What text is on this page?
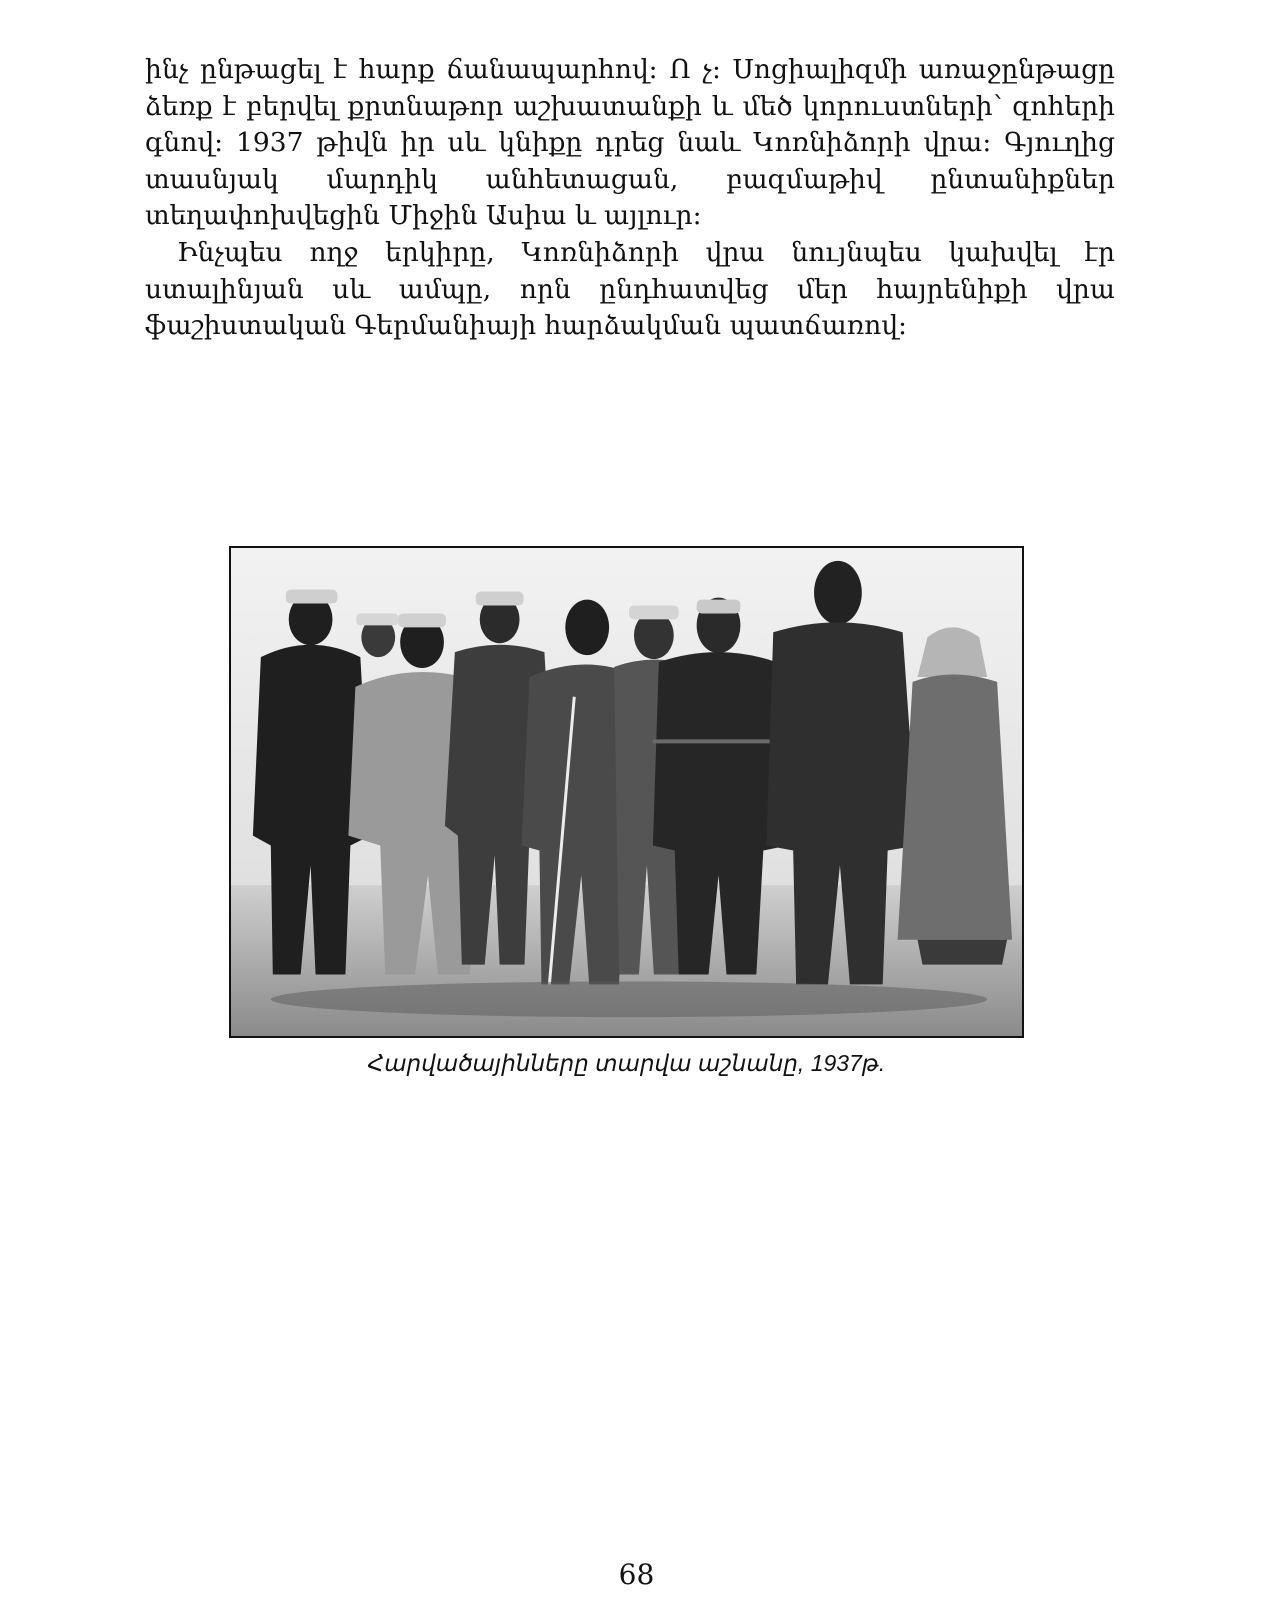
ինչ ընթացել է հարք ճանապարհով: Ո չ: Սոցիալիզմի առաջընթացը ձեռք է բերվել քրտնաթոր աշխատանքի և մեծ կորուստների՝ զոհերի գնով: 1937 թիվն իր սև կնիքը դրեց նաև Կոռնիձորի վրա: Գյուղից տասնյակ մարդիկ անհետացան, բազմաթիվ ընտանիքներ տեղափոխվեցին Միջին Ասիա և այլուր:

Ինչպես ողջ երկիրը, Կոռնիձորի վրա նույնպես կախվել էր ստալինյան սև ամպը, որն ընդհատվեց մեր հայրենիքի վրա ֆաշիստական Գերմանիայի հարձակման պատճառով:

Հարվածայինները տարվա աշնանը, 1937թ.
68
